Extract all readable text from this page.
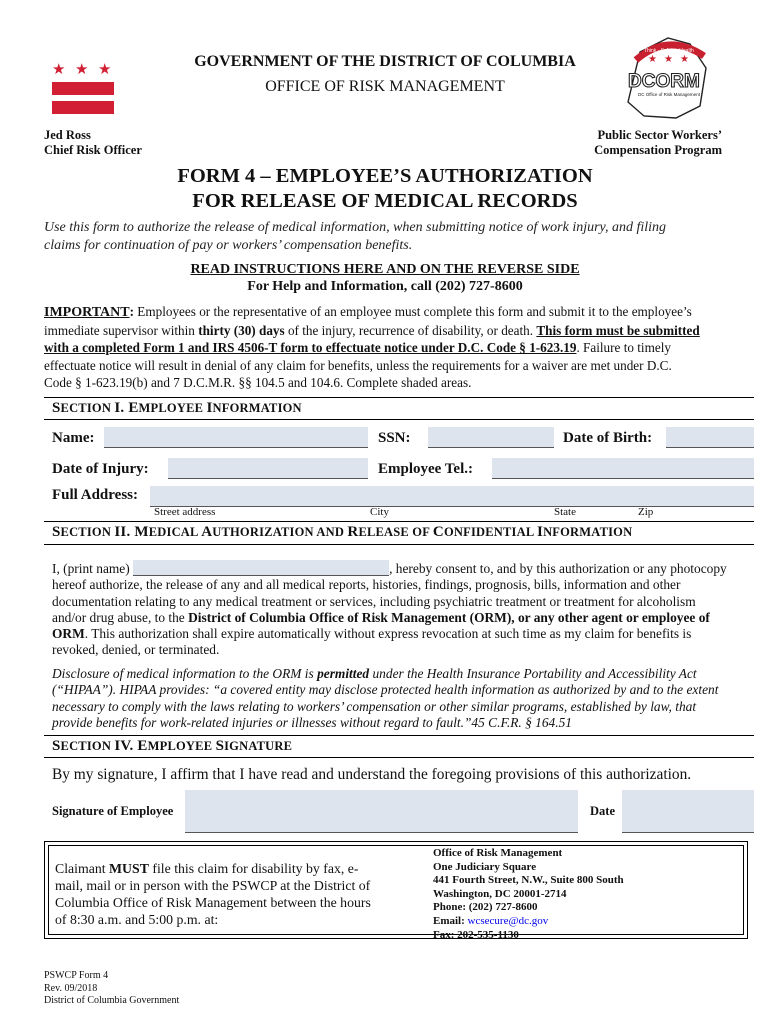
★ ★ ★	GOVERNMENT OF THE DISTRICT OF COLUMBIA
OFFICE OF RISK MANAGEMENT
Think · Safety · Health
★ ★ ★
DCORM
DC Office of Risk Management
Jed Ross
Chief Risk Officer
Public Sector Workers’
Compensation Program
FORM 4 – EMPLOYEE’S AUTHORIZATION
FOR RELEASE OF MEDICAL RECORDS
Use this form to authorize the release of medical information, when submitting notice of work injury, and filing
claims for continuation of pay or workers’ compensation benefits.
READ INSTRUCTIONS HERE AND ON THE REVERSE SIDE
For Help and Information, call (202) 727-8600

IMPORTANT: Employees or the representative of an employee must complete this form and submit it to the employee’s

immediate supervisor within thirty (30) days of the injury, recurrence of disability, or death. This form must be submitted

with a completed Form 1 and IRS 4506-T form to effectuate notice under D.C. Code § 1-623.19. Failure to timely

effectuate notice will result in denial of any claim for benefits, unless the requirements for a waiver are met under D.C.

Code § 1-623.19(b) and 7 D.C.M.R. §§ 104.5 and 104.6. Complete shaded areas.

SECTION I. EMPLOYEE INFORMATION
Name:	SSN:	Date of Birth:
Date of Injury:	Employee Tel.:
Full Address:
Street address	City	State	Zip
SECTION II. MEDICAL AUTHORIZATION AND RELEASE OF CONFIDENTIAL INFORMATION

I, (print name)	, hereby consent to, and by this authorization or any photocopy

hereof authorize, the release of any and all medical reports, histories, findings, prognosis, bills, information and other

documentation relating to any medical treatment or services, including psychiatric treatment or treatment for alcoholism

and/or drug abuse, to the District of Columbia Office of Risk Management (ORM), or any other agent or employee of

ORM. This authorization shall expire automatically without express revocation at such time as my claim for benefits is

revoked, denied, or terminated.

Disclosure of medical information to the ORM is permitted under the Health Insurance Portability and Accessibility Act

(“HIPAA”). HIPAA provides: “a covered entity may disclose protected health information as authorized by and to the extent

necessary to comply with the laws relating to workers’ compensation or other similar programs, established by law, that

provide benefits for work-related injuries or illnesses without regard to fault.”45 C.F.R. § 164.51

SECTION IV. EMPLOYEE SIGNATURE
By my signature, I affirm that I have read and understand the foregoing provisions of this authorization.
Signature of Employee	Date

Claimant MUST file this claim for disability by fax, e-

mail, mail or in person with the PSWCP at the District of

Columbia Office of Risk Management between the hours

of 8:30 a.m. and 5:00 p.m. at:

Office of Risk Management

One Judiciary Square

441 Fourth Street, N.W., Suite 800 South

Washington, DC 20001-2714

Phone: (202) 727-8600

Email: wcsecure@dc.gov

Fax: 202-535-1130

PSWCP Form 4

Rev. 09/2018

District of Columbia Government
